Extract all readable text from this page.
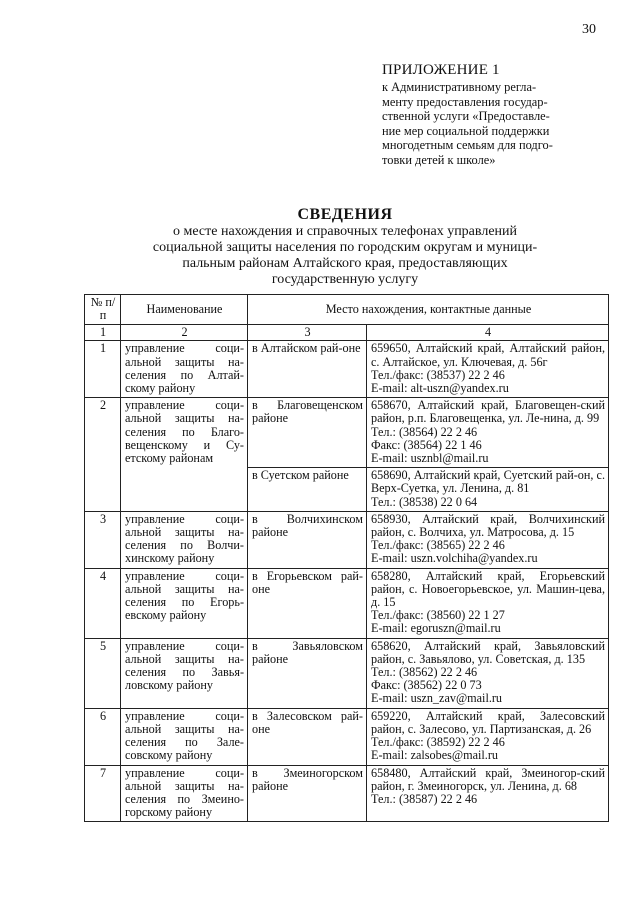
30
ПРИЛОЖЕНИЕ 1
к Административному регла-
менту предоставления государ-
ственной услуги «Предоставле-
ние мер социальной поддержки
многодетным семьям для подго-
товки детей к школе»
СВЕДЕНИЯ
о месте нахождения и справочных телефонах управлений
социальной защиты населения по городским округам и муници-
пальным районам Алтайского края, предоставляющих
государственную услугу
№ п/п	Наименование	Место нахождения, контактные данные	
1	2	3	4
1	управление соци-альной защиты на-селения по Алтай-скому району	в Алтайском рай-оне	659650, Алтайский край, Алтайский район, с. Алтайское, ул. Ключевая, д. 56г
Тел./факс: (38537) 22 2 46
E-mail: alt-uszn@yandex.ru

2	управление соци-альной защиты на-селения по Благо-вещенскому и Су-етскому районам	в Благовещенском районе	658670, Алтайский край, Благовещен-ский район, р.п. Благовещенка, ул. Ле-нина, д. 99
Тел.: (38564) 22 2 46
Факс: (38564) 22 1 46
E-mail: usznbl@mail.ru

		в Суетском районе	658690, Алтайский край, Суетский рай-он, с. Верх-Суетка, ул. Ленина, д. 81
Тел.: (38538) 22 0 64

3	управление соци-альной защиты на-селения по Волчи-хинскому району	в Волчихинском районе	658930, Алтайский край, Волчихинский район, с. Волчиха, ул. Матросова, д. 15
Тел./факс: (38565) 22 2 46
E-mail: uszn.volchiha@yandex.ru

4	управление соци-альной защиты на-селения по Егорь-евскому району	в Егорьевском рай-оне	658280, Алтайский край, Егорьевский район, с. Новоегорьевское, ул. Машин-цева, д. 15
Тел./факс: (38560) 22 1 27
E-mail: egoruszn@mail.ru

5	управление соци-альной защиты на-селения по Завья-ловскому району	в Завьяловском районе	658620, Алтайский край, Завьяловский район, с. Завьялово, ул. Советская, д. 135
Тел.: (38562) 22 2 46
Факс: (38562) 22 0 73
E-mail: uszn_zav@mail.ru

6	управление соци-альной защиты на-селения по Зале-совскому району	в Залесовском рай-оне	659220, Алтайский край, Залесовский район, с. Залесово, ул. Партизанская, д. 26
Тел./факс: (38592) 22 2 46
E-mail: zalsobes@mail.ru

7	управление соци-альной защиты на-селения по Змеино-горскому району	в Змеиногорском районе	658480, Алтайский край, Змеиногор-ский район, г. Змеиногорск, ул. Ленина, д. 68
Тел.: (38587) 22 2 46
